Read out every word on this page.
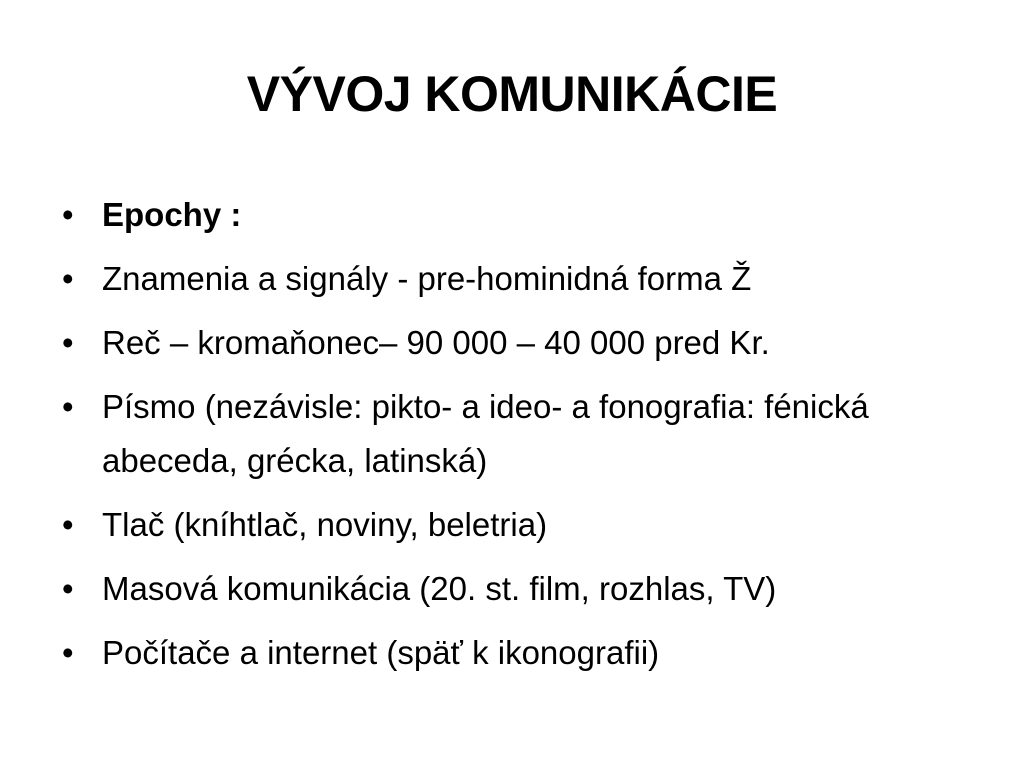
VÝVOJ KOMUNIKÁCIE
• Epochy :
• Znamenia a signály - pre-hominidná forma Ž
• Reč – kromaňonec– 90 000 – 40 000 pred Kr.
• Písmo (nezávisle: pikto- a ideo- a fonografia: fénická abeceda, grécka, latinská)
• Tlač (kníhtlač, noviny, beletria)
• Masová komunikácia (20. st. film, rozhlas, TV)
• Počítače a internet (späť k ikonografii)
